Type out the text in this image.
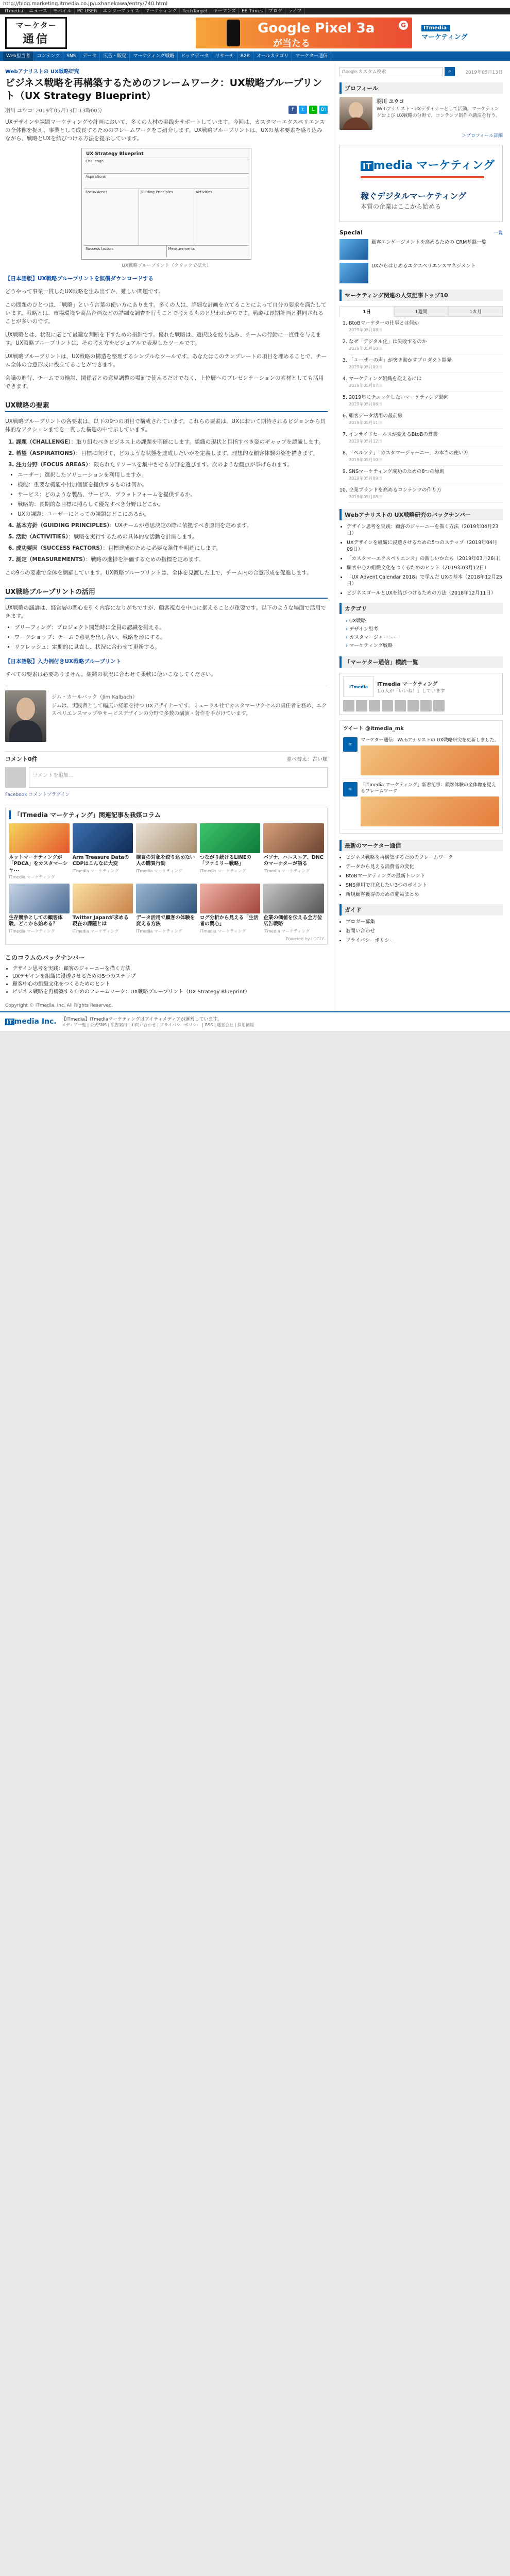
http://blog.marketing.itmedia.co.jp/uxhanekawa/entry/740.html
ITmedia	ニュース	モバイル	PC USER	エンタープライズ	マーケティング	TechTarget	キーマンズ	EE Times	ブログ	ライフ
マーケター
通信
Google Pixel 3a
が当たる
G	ITmedia
マーケティング
Web担当者	コンテンツ	SNS	データ	広告・販促	マーケティング戦略	ビッグデータ	リサーチ	B2B	オールカテゴリ	マーケター通信
Webアナリストの UX戦略研究
ビジネス戦略を再構築するためのフレームワーク：UX戦略ブループリント（UX Strategy Blueprint）
羽川 ユウコ 2019年05月13日 13時00分	f	t	L	B!

UXデザインや課題マーケティングや計画において、多くの人材の実践をサポートしています。今回は、カスタマーエクスペリエンスの全体像を捉え、事業として成長するためのフレームワークをご紹介します。UX戦略ブループリントは、UXの基本要素を盛り込みながら、戦略とUXを結びつける方法を提示しています。

UX Strategy Blueprint
Challenge
Aspirations
Focus Areas	Guiding Principles	Activities
Success factors	Measurements
UX戦略ブループリント（クリックで拡大）
【日本語版】UX戦略ブループリントを無償ダウンロードする

どうやって事業一貫したUX戦略を生み出すか、難しい問題です。

この問題のひとつは、「戦略」という言葉の使い方にあります。多くの人は、詳細な計画を立てることによって自分の要求を満たしています。戦略とは、市場環境や商品企画などの詳細な調査を行うことで考えるものと思われがちです。戦略は長期計画と混同されることが多いのです。

UX戦略とは、状況に応じて最適な判断を下すための指針です。優れた戦略は、選択肢を絞り込み、チームの行動に一貫性を与えます。UX戦略ブループリントは、その考え方をビジュアルで表現したツールです。

UX戦略ブループリントは、UX戦略の構造を整理するシンプルなツールです。あなたはこのテンプレートの項目を埋めることで、チーム全体の合意形成に役立てることができます。

会議の進行、チームでの検討、関係者との意見調整の場面で使えるだけでなく、上位層へのプレゼンテーションの素材としても活用できます。

UX戦略の要素

UX戦略ブループリントの各要素は、以下の9つの項目で構成されています。これらの要素は、UXにおいて期待されるビジョンから具体的なアクションまでを一貫した構造の中で示しています。

1. 課題（CHALLENGE）：取り組むべきビジネス上の課題を明確にします。組織の現状と目指すべき姿のギャップを認識します。
2. 希望（ASPIRATIONS）：目標に向けて、どのような状態を達成したいかを定義します。理想的な顧客体験の姿を描きます。
3. 注力分野（FOCUS AREAS）：限られたリソースを集中させる分野を選びます。次のような観点が挙げられます。
• ユーザー：選択したソリューションを利用しますか。
• 機能：重要な機能や付加価値を提供するものは何か。
• サービス：どのような製品、サービス、プラットフォームを提供するか。
• 戦略的：長期的な目標に照らして優先すべき分野はどこか。
• UXの課題：ユーザーにとっての課題はどこにあるか。
4. 基本方針（GUIDING PRINCIPLES）：UXチームが意思決定の際に依拠すべき原則を定めます。
5. 活動（ACTIVITIES）：戦略を実行するための具体的な活動を計画します。
6. 成功要因（SUCCESS FACTORS）：目標達成のために必要な条件を明確にします。
7. 測定（MEASUREMENTS）：戦略の進捗を評価するための指標を定めます。

この9つの要素で全体を網羅しています。UX戦略ブループリントは、全体を見渡した上で、チーム内の合意形成を促進します。

UX戦略ブループリントの活用

UX戦略の議論は、経営層の関心を引く内容になりがちですが、顧客視点を中心に据えることが重要です。以下のような場面で活用できます。

• ブリーフィング：プロジェクト開始時に全員の認識を揃える。
• ワークショップ：チームで意見を出し合い、戦略を形にする。
• リフレッシュ：定期的に見直し、状況に合わせて更新する。
【日本語版】入力例付きUX戦略ブループリント

すべての要素は必要ありません。組織の状況に合わせて柔軟に使いこなしてください。

ジム・カールバック（Jim Kalbach）
ジムは、実践者として幅広い経験を持つ UXデザイナーです。ミューラル社でカスタマーサクセスの責任者を務め、エクスペリエンスマップやサービスデザインの分野で多数の講演・著作を手がけています。
コメント0件	並べ替え：古い順
コメントを追加...
Facebook コメントプラグイン
「ITmedia マーケティング」関連記事＆我媒コラム
ネットマーケティングが「PDCA」をカスタマーシャ...
ITmedia マーケティング
Arm Treasure DataのCDPはこんなに大変
ITmedia マーケティング
購買の対象を絞り込めない人の購買行動
ITmedia マーケティング
つながり続けるLINEの「ファミリー戦略」
ITmedia マーケティング
パソナ、ハニスエア、DNC のマーケターが語る
ITmedia マーケティング
生存競争としての顧客体験、どこから始める？
ITmedia マーケティング
Twitter Japanが求める現在の課題とは
ITmedia マーケティング
データ活用で顧客の体験を変える方法
ITmedia マーケティング
ログ分析から見える「生活者の関心」
ITmedia マーケティング
企業の価値を伝える全方位広告戦略
ITmedia マーケティング
Powered by LOGLY
このコラムのバックナンバー
• デザイン思考を実践：顧客のジャーニーを描く方法
• UXデザインを組織に浸透させるための5つのステップ
• 顧客中心の組織文化をつくるためのヒント
• ビジネス戦略を再構築するためのフレームワーク：UX戦略ブループリント（UX Strategy Blueprint）
Copyright © ITmedia, Inc. All Rights Reserved.
Google カスタム検索
⌕	2019年05月13日
プロフィール
羽川 ユウコ
Webアナリスト・UXデザイナーとして活動。マーケティングおよび UX戦略の分野で、コンテンツ制作や講演を行う。
＞プロフィール詳細
IT media マーケティング
稼ぐデジタルマーケティング
本質の企業はここから始める
Special	一覧
顧客エンゲージメントを高めるための CRM基盤一覧
UXからはじめるエクスペリエンスマネジメント
マーケティング関連の人気記事トップ10
1日	1週間	1カ月
1. BtoBマーケターの仕事とは何か
2019年05月08日
2. なぜ「デジタル化」は失敗するのか
2019年05月10日
3. 「ユーザーの声」が突き動かすプロダクト開発
2019年05月09日
4. マーケティング組織を変えるには
2019年05月07日
5. 2019年にチェックしたいマーケティング動向
2019年05月06日
6. 顧客データ活用の最前線
2019年05月11日
7. インサイドセールスが変えるBtoBの営業
2019年05月12日
8. 「ペルソナ」「カスタマージャーニー」の本当の使い方
2019年05月10日
9. SNSマーケティング成功のための8つの原則
2019年05月09日
10. 企業ブランドを高めるコンテンツの作り方
2019年05月08日
Webアナリストの UX戦略研究のバックナンバー
• デザイン思考を実践：顧客のジャーニーを描く方法（2019年04月23日）
• UXデザインを組織に浸透させるための5つのステップ（2019年04月09日）
• 「カスタマーエクスペリエンス」の新しいかたち（2019年03月26日）
• 顧客中心の組織文化をつくるためのヒント（2019年03月12日）
• 「UX Advent Calendar 2018」で学んだ UXの基本（2018年12月25日）
• ビジネスゴールとUXを結びつけるための方法（2018年12月11日）
カテゴリ
› UX戦略
› デザイン思考
› カスタマージャーニー
› マーケティング戦略
「マーケター通信」横読一覧
ITmedia	ITmedia マーケティング
1万人が「いいね！」しています
ツイート @itmedia_mk
IT
マーケター通信：Webアナリストの UX戦略研究を更新しました。
IT
「ITmedia マーケティング」新着記事：顧客体験の全体像を捉えるフレームワーク
最新のマーケター通信
• ビジネス戦略を再構築するためのフレームワーク
• データから見える消費者の変化
• BtoBマーケティングの最新トレンド
• SNS運用で注意したい3つのポイント
• 新規顧客獲得のための施策まとめ
ガイド
• ブロガー募集
• お問い合わせ
• プライバシーポリシー
IT media Inc. 【ITmedia】ITmediaマーケティングはアイティメディアが運営しています。
メディア一覧 | 公式SNS | 広告案内 | お問い合わせ | プライバシーポリシー | RSS | 運営会社 | 採用情報
